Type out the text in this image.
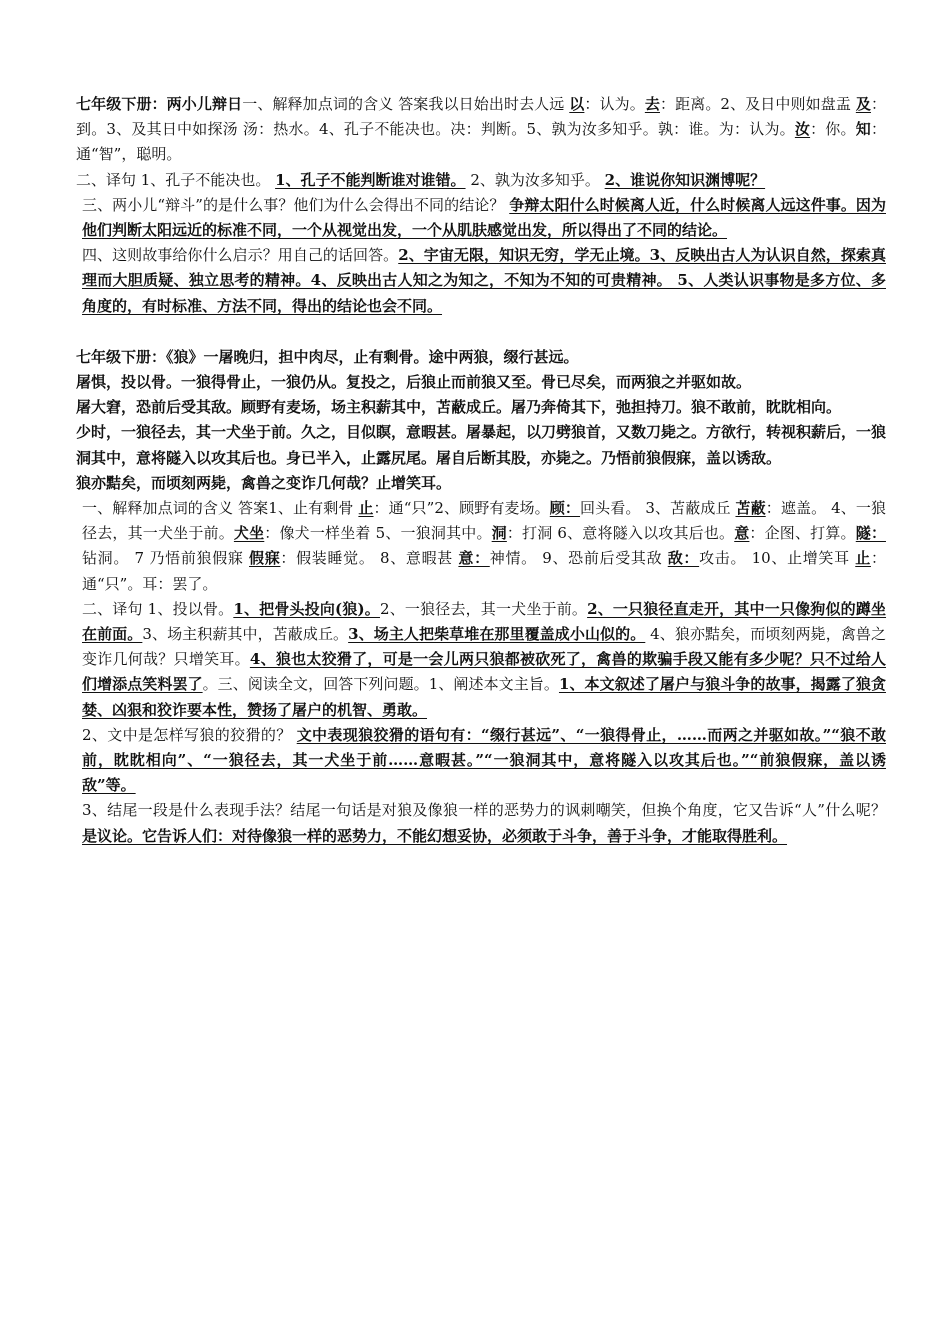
七年级下册：两小儿辩日一、解释加点词的含义 答案我以日始出时去人远 以：认为。去：距离。2、及日中则如盘盂 及：到。3、及其日中如探汤 汤：热水。4、孔子不能决也。决：判断。5、孰为汝多知乎。孰：谁。为：认为。汝：你。知：通“智”，聪明。

二、译句 1、孔子不能决也。 1、孔子不能判断谁对谁错。 2、孰为汝多知乎。 2、谁说你知识渊博呢？

三、两小儿“辩斗”的是什么事？他们为什么会得出不同的结论？ 争辩太阳什么时候离人近，什么时候离人远这件事。因为他们判断太阳远近的标准不同，一个从视觉出发，一个从肌肤感觉出发，所以得出了不同的结论。

四、这则故事给你什么启示？用自己的话回答。2、宇宙无限，知识无穷，学无止境。3、反映出古人为认识自然，探索真理而大胆质疑、独立思考的精神。4、反映出古人知之为知之，不知为不知的可贵精神。 5、人类认识事物是多方位、多角度的，有时标准、方法不同，得出的结论也会不同。

七年级下册：《狼》一屠晚归，担中肉尽，止有剩骨。途中两狼，缀行甚远。

屠惧，投以骨。一狼得骨止，一狼仍从。复投之，后狼止而前狼又至。骨已尽矣，而两狼之并驱如故。

屠大窘，恐前后受其敌。顾野有麦场，场主积薪其中，苫蔽成丘。屠乃奔倚其下，弛担持刀。狼不敢前，眈眈相向。

少时，一狼径去，其一犬坐于前。久之，目似瞑，意暇甚。屠暴起，以刀劈狼首，又数刀毙之。方欲行，转视积薪后，一狼洞其中，意将隧入以攻其后也。身已半入，止露尻尾。屠自后断其股，亦毙之。乃悟前狼假寐，盖以诱敌。

狼亦黠矣，而顷刻两毙，禽兽之变诈几何哉？止增笑耳。

一、解释加点词的含义 答案1、止有剩骨 止：通“只”2、顾野有麦场。顾：回头看。 3、苫蔽成丘 苫蔽：遮盖。 4、一狼径去，其一犬坐于前。犬坐：像犬一样坐着 5、一狼洞其中。洞：打洞 6、意将隧入以攻其后也。意：企图、打算。隧：钻洞。 7 乃悟前狼假寐 假寐：假装睡觉。 8、意暇甚 意：神情。 9、恐前后受其敌 敌：攻击。 10、止增笑耳 止：通“只”。耳：罢了。

二、译句 1、投以骨。1、把骨头投向(狼)。2、一狼径去，其一犬坐于前。2、一只狼径直走开，其中一只像狗似的蹲坐在前面。3、场主积薪其中，苫蔽成丘。3、场主人把柴草堆在那里覆盖成小山似的。 4、狼亦黠矣，而顷刻两毙，禽兽之变诈几何哉？只增笑耳。4、狼也太狡猾了，可是一会儿两只狼都被砍死了，禽兽的欺骗手段又能有多少呢？只不过给人们增添点笑料罢了。三、阅读全文，回答下列问题。1、阐述本文主旨。1、本文叙述了屠户与狼斗争的故事，揭露了狼贪婪、凶狠和狡诈要本性，赞扬了屠户的机智、勇敢。

2、文中是怎样写狼的狡猾的？ 文中表现狼狡猾的语句有：“缀行甚远”、“一狼得骨止，……而两之并驱如故。”“狼不敢前，眈眈相向”、“一狼径去，其一犬坐于前……意暇甚。”“一狼洞其中，意将隧入以攻其后也。”“前狼假寐，盖以诱敌”等。

3、结尾一段是什么表现手法？结尾一句话是对狼及像狼一样的恶势力的讽刺嘲笑，但换个角度，它又告诉“人”什么呢？ 是议论。它告诉人们：对待像狼一样的恶势力，不能幻想妥协，必须敢于斗争，善于斗争，才能取得胜利。
